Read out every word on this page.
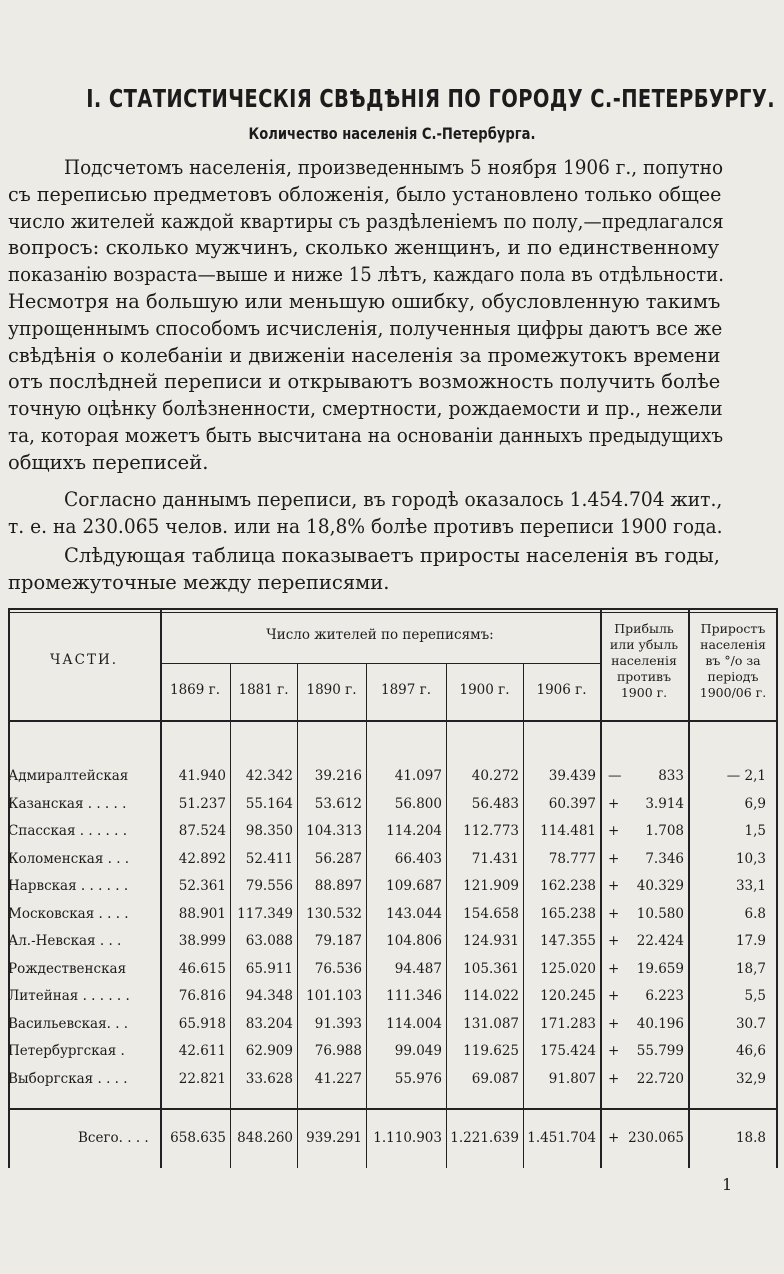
I. СТАТИСТИЧЕСКІЯ СВѢДѢНІЯ ПО ГОРОДУ С.-ПЕТЕРБУРГУ.
Количество населенія С.-Петербурга.

Подсчетомъ населенія, произведеннымъ 5 ноября 1906 г., попутно
съ переписью предметовъ обложенія, было установлено только общее
число жителей каждой квартиры съ раздѣленіемъ по полу,—предлагался
вопросъ: сколько мужчинъ, сколько женщинъ, и по единственному
показанію возраста—выше и ниже 15 лѣтъ, каждаго пола въ отдѣльности.
Несмотря на большую или меньшую ошибку, обусловленную такимъ
упрощеннымъ способомъ исчисленія, полученныя цифры даютъ все же
свѣдѣнія о колебаніи и движеніи населенія за промежутокъ времени
отъ послѣдней переписи и открываютъ возможность получить болѣе
точную оцѣнку болѣзненности, смертности, рождаемости и пр., нежели
та, которая можетъ быть высчитана на основаніи данныхъ предыдущихъ
общихъ переписей.

Согласно даннымъ переписи, въ городѣ оказалось 1.454.704 жит.,
т. е. на 230.065 челов. или на 18,8% болѣе противъ переписи 1900 года.

Слѣдующая таблица показываетъ приросты населенія въ годы,
промежуточные между переписями.

ЧАСТИ.
Число жителей по переписямъ:
1869 г.	1881 г.	1890 г.	1897 г.	1900 г.	1906 г.
Прибыль
или убыль
населенія
противъ
1900 г.
Приростъ
населенія
въ °/о за
періодъ
1900/06 г.
Адмиралтейская	41.940	42.342	39.216	41.097	40.272	39.439 —	833	— 2,1
Казанская . . . . .	51.237	55.164	53.612	56.800	56.483	60.397 +	3.914	6,9
Спасская . . . . . .	87.524	98.350 104.313	114.204	112.773	114.481 +	1.708	1,5
Коломенская . . .	42.892	52.411	56.287	66.403	71.431	78.777 +	7.346	10,3
Нарвская . . . . . .	52.361	79.556	88.897	109.687	121.909	162.238 +	40.329	33,1
Московская . . . .	88.901 117.349 130.532	143.044	154.658	165.238 +	10.580	6.8
Ал.-Невская . . .	38.999	63.088	79.187	104.806	124.931	147.355 +	22.424	17.9
Рождественская	46.615	65.911	76.536	94.487	105.361	125.020 +	19.659	18,7
Литейная . . . . . .	76.816	94.348 101.103	111.346	114.022	120.245 +	6.223	5,5
Васильевская. . .	65.918	83.204	91.393	114.004	131.087	171.283 +	40.196	30.7
Петербургская .	42.611	62.909	76.988	99.049	119.625	175.424 +	55.799	46,6
Выборгская . . . .	22.821	33.628	41.227	55.976	69.087	91.807 +	22.720	32,9
Всего. . . .	658.635 848.260 939.291 1.110.903 1.221.639 1.451.704 + 230.065	18.8
1
